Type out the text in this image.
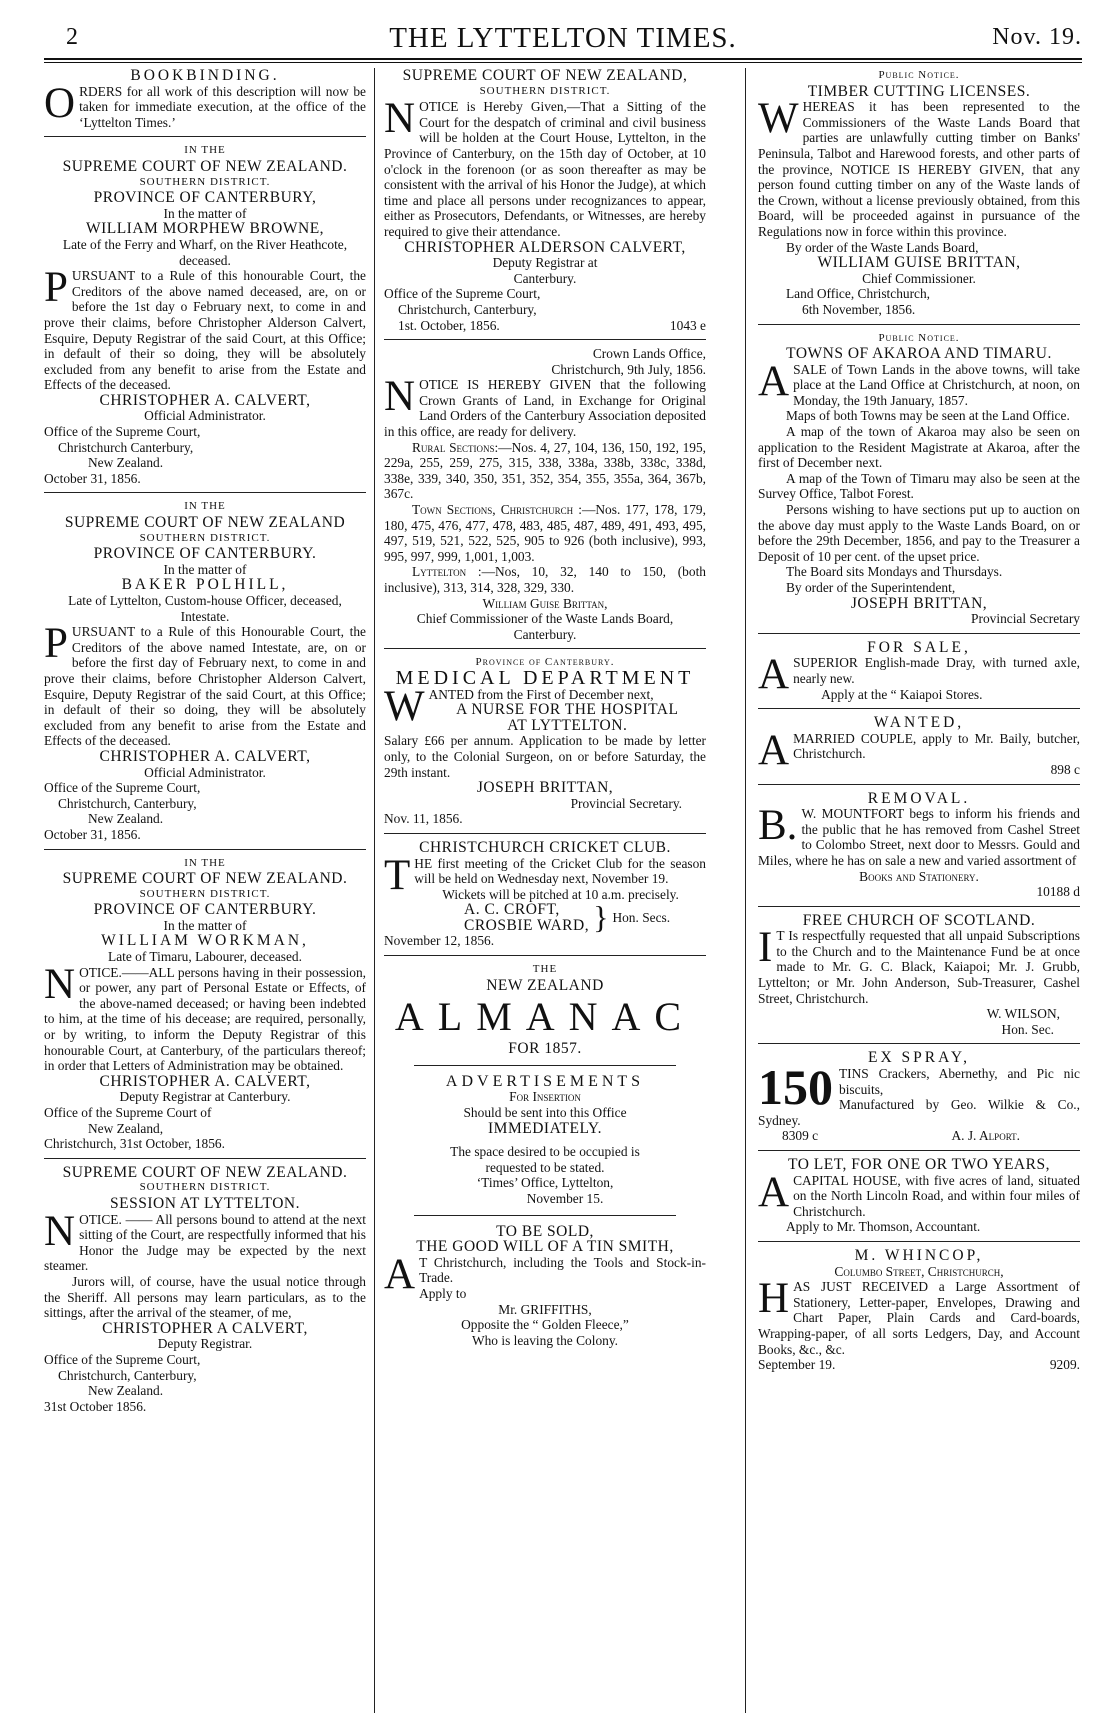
2	THE LYTTELTON TIMES.	Nov. 19.
BOOKBINDING.

ORDERS for all work of this description will now be taken for immediate execution, at the office of the ‘Lyttelton Times.’

IN THE
SUPREME COURT OF NEW ZEALAND.
SOUTHERN DISTRICT.
PROVINCE OF CANTERBURY,
In the matter of
WILLIAM MORPHEW BROWNE,
Late of the Ferry and Wharf, on the River Heathcote, deceased.

PURSUANT to a Rule of this honourable Court, the Creditors of the above named deceased, are, on or before the 1st day o February next, to come in and prove their claims, before Christopher Alderson Calvert, Esquire, Deputy Registrar of the said Court, at this Office; in default of their so doing, they will be absolutely excluded from any benefit to arise from the Estate and Effects of the deceased.

CHRISTOPHER A. CALVERT,
Official Administrator.
Office of the Supreme Court,
Christchurch Canterbury,
New Zealand.
October 31, 1856.
IN THE
SUPREME COURT OF NEW ZEALAND
SOUTHERN DISTRICT.
PROVINCE OF CANTERBURY.
In the matter of
BAKER POLHILL,
Late of Lyttelton, Custom-house Officer, deceased, Intestate.

PURSUANT to a Rule of this Honourable Court, the Creditors of the above named Intestate, are, on or before the first day of February next, to come in and prove their claims, before Christopher Alderson Calvert, Esquire, Deputy Registrar of the said Court, at this Office; in default of their so doing, they will be absolutely excluded from any benefit to arise from the Estate and Effects of the deceased.

CHRISTOPHER A. CALVERT,
Official Administrator.
Office of the Supreme Court,
Christchurch, Canterbury,
New Zealand.
October 31, 1856.
IN THE
SUPREME COURT OF NEW ZEALAND.
SOUTHERN DISTRICT.
PROVINCE OF CANTERBURY.
In the matter of
WILLIAM WORKMAN,
Late of Timaru, Labourer, deceased.

NOTICE.——ALL persons having in their possession, or power, any part of Personal Estate or Effects, of the above-named deceased; or having been indebted to him, at the time of his decease; are required, personally, or by writing, to inform the Deputy Registrar of this honourable Court, at Canterbury, of the particulars thereof; in order that Letters of Administration may be obtained.

CHRISTOPHER A. CALVERT,
Deputy Registrar at Canterbury.
Office of the Supreme Court of
New Zealand,
Christchurch, 31st October, 1856.
SUPREME COURT OF NEW ZEALAND.
SOUTHERN DISTRICT.
SESSION AT LYTTELTON.

NOTICE. —— All persons bound to attend at the next sitting of the Court, are respectfully informed that his Honor the Judge may be expected by the next steamer.

Jurors will, of course, have the usual notice through the Sheriff. All persons may learn particulars, as to the sittings, after the arrival of the steamer, of me,

CHRISTOPHER A CALVERT,
Deputy Registrar.
Office of the Supreme Court,
Christchurch, Canterbury,
New Zealand.
31st October 1856.
SUPREME COURT OF NEW ZEALAND,
SOUTHERN DISTRICT.

NOTICE is Hereby Given,—That a Sitting of the Court for the despatch of criminal and civil business will be holden at the Court House, Lyttelton, in the Province of Canterbury, on the 15th day of October, at 10 o'clock in the forenoon (or as soon thereafter as may be consistent with the arrival of his Honor the Judge), at which time and place all persons under recognizances to appear, either as Prosecutors, Defendants, or Witnesses, are hereby required to give their attendance.

CHRISTOPHER ALDERSON CALVERT,
Deputy Registrar at
Canterbury.
Office of the Supreme Court,
Christchurch, Canterbury,
1st. October, 1856.	1043 e
Crown Lands Office,
Christchurch, 9th July, 1856.

NOTICE IS HEREBY GIVEN that the following Crown Grants of Land, in Exchange for Original Land Orders of the Canterbury Association deposited in this office, are ready for delivery.

Rural Sections:—Nos. 4, 27, 104, 136, 150, 192, 195, 229a, 255, 259, 275, 315, 338, 338a, 338b, 338c, 338d, 338e, 339, 340, 350, 351, 352, 354, 355, 355a, 364, 367b, 367c.

Town Sections, Christchurch :—Nos. 177, 178, 179, 180, 475, 476, 477, 478, 483, 485, 487, 489, 491, 493, 495, 497, 519, 521, 522, 525, 905 to 926 (both inclusive), 993, 995, 997, 999, 1,001, 1,003.

Lyttelton :—Nos, 10, 32, 140 to 150, (both inclusive), 313, 314, 328, 329, 330.

William Guise Brittan,
Chief Commissioner of the Waste Lands Board, Canterbury.
Province of Canterbury.
MEDICAL DEPARTMENT

WANTED from the First of December next,

A NURSE FOR THE HOSPITAL
AT LYTTELTON.

Salary £66 per annum. Application to be made by letter only, to the Colonial Surgeon, on or before Saturday, the 29th instant.

JOSEPH BRITTAN,
Provincial Secretary.
Nov. 11, 1856.
CHRISTCHURCH CRICKET CLUB.

THE first meeting of the Cricket Club for the season will be held on Wednesday next, November 19.

Wickets will be pitched at 10 a.m. precisely.

A. C. CROFT,
CROSBIE WARD, } Hon. Secs.
November 12, 1856.
THE
NEW ZEALAND
ALMANAC
FOR 1857.
ADVERTISEMENTS
For Insertion
Should be sent into this Office
IMMEDIATELY.
The space desired to be occupied is requested to be stated.
‘Times’ Office, Lyttelton,
November 15.
TO BE SOLD,
THE GOOD WILL OF A TIN SMITH,

A T Christchurch, including the Tools and Stock-in-Trade.

Apply to
Mr. GRIFFITHS,
Opposite the “ Golden Fleece,”
Who is leaving the Colony.
Public Notice.
TIMBER CUTTING LICENSES.

WHEREAS it has been represented to the Commissioners of the Waste Lands Board that parties are unlawfully cutting timber on Banks' Peninsula, Talbot and Harewood forests, and other parts of the province, NOTICE IS HEREBY GIVEN, that any person found cutting timber on any of the Waste lands of the Crown, without a license previously obtained, from this Board, will be proceeded against in pursuance of the Regulations now in force within this province.

By order of the Waste Lands Board,
WILLIAM GUISE BRITTAN,
Chief Commissioner.
Land Office, Christchurch,
6th November, 1856.
Public Notice.
TOWNS OF AKAROA AND TIMARU.

ASALE of Town Lands in the above towns, will take place at the Land Office at Christchurch, at noon, on Monday, the 19th January, 1857.

Maps of both Towns may be seen at the Land Office.

A map of the town of Akaroa may also be seen on application to the Resident Magistrate at Akaroa, after the first of December next.

A map of the Town of Timaru may also be seen at the Survey Office, Talbot Forest.

Persons wishing to have sections put up to auction on the above day must apply to the Waste Lands Board, on or before the 29th December, 1856, and pay to the Treasurer a Deposit of 10 per cent. of the upset price.

The Board sits Mondays and Thursdays.

By order of the Superintendent,
JOSEPH BRITTAN,
Provincial Secretary
FOR SALE,

ASUPERIOR English-made Dray, with turned axle, nearly new.

Apply at the “ Kaiapoi Stores.
WANTED,

AMARRIED COUPLE, apply to Mr. Baily, butcher, Christchurch.

898 c
REMOVAL.

B. W. MOUNTFORT begs to inform his friends and the public that he has removed from Cashel Street to Colombo Street, next door to Messrs. Gould and Miles, where he has on sale a new and varied assortment of

Books and Stationery.
10188 d
FREE CHURCH OF SCOTLAND.

I T Is respectfully requested that all unpaid Subscriptions to the Church and to the Maintenance Fund be at once made to Mr. G. C. Black, Kaiapoi; Mr. J. Grubb, Lyttelton; or Mr. John Anderson, Sub-Treasurer, Cashel Street, Christchurch.

W. WILSON,
Hon. Sec.
EX SPRAY,

150 TINS Crackers, Abernethy, and Pic nic biscuits,

Manufactured by Geo. Wilkie & Co., Sydney.

8309 c	A. J. Alport.
TO LET, FOR ONE OR TWO YEARS,

ACAPITAL HOUSE, with five acres of land, situated on the North Lincoln Road, and within four miles of Christchurch.

Apply to Mr. Thomson, Accountant.
M. WHINCOP,
Columbo Street, Christchurch,

HAS JUST RECEIVED a Large Assortment of Stationery, Letter-paper, Envelopes, Drawing and Chart Paper, Plain Cards and Card-boards, Wrapping-paper, of all sorts Ledgers, Day, and Account Books, &c., &c.

September 19.	9209.
